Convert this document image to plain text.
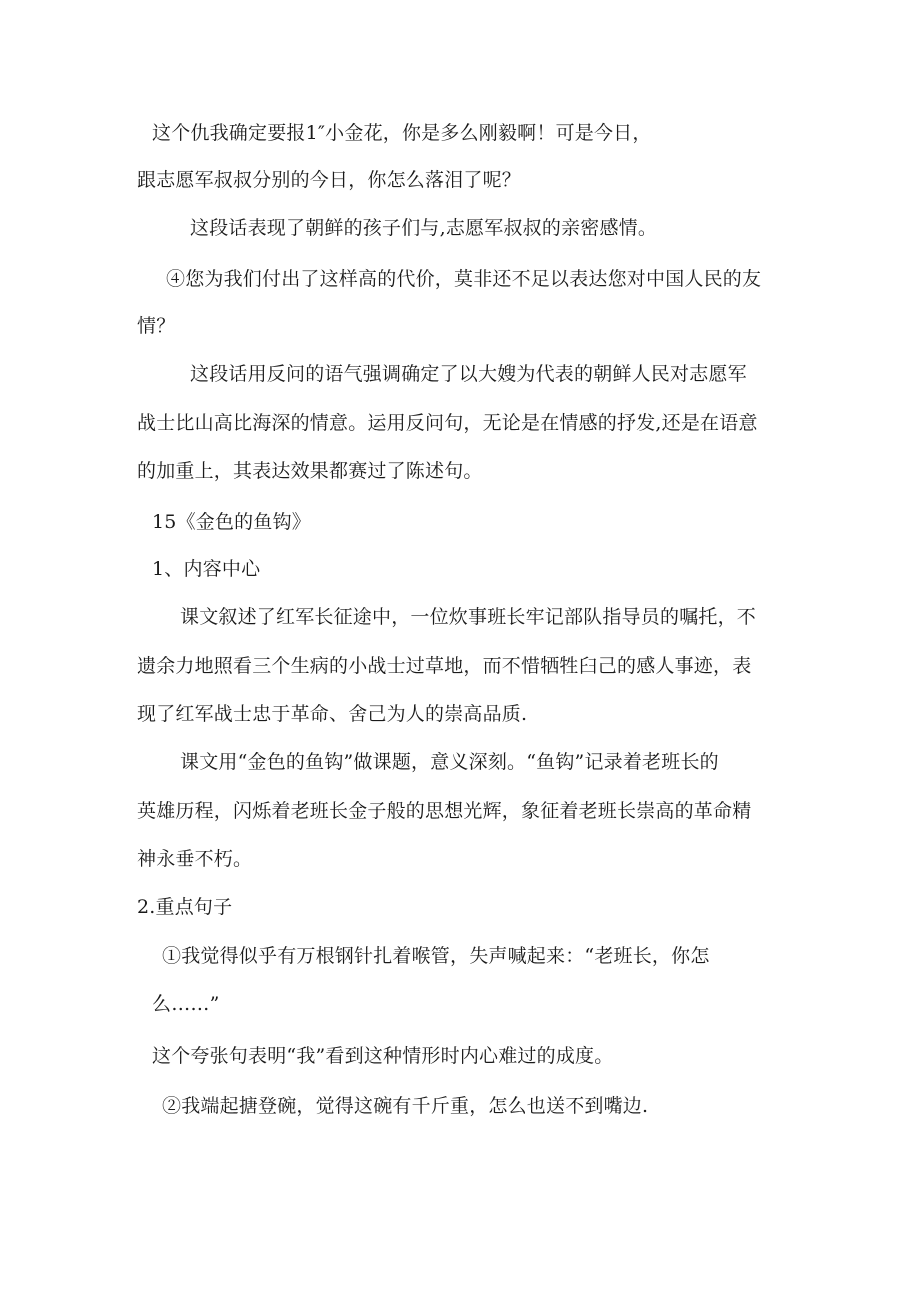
这个仇我确定要报1″小金花，你是多么刚毅啊！可是今日，
跟志愿军叔叔分别的今日，你怎么落泪了呢？
这段话表现了朝鲜的孩子们与,志愿军叔叔的亲密感情。
④您为我们付出了这样高的代价，莫非还不足以表达您对中国人民的友
情？
这段话用反问的语气强调确定了以大嫂为代表的朝鲜人民对志愿军
战士比山高比海深的情意。运用反问句，无论是在情感的抒发,还是在语意
的加重上，其表达效果都赛过了陈述句。
15《金色的鱼钩》
1、内容中心
课文叙述了红军长征途中，一位炊事班长牢记部队指导员的嘱托，不
遗余力地照看三个生病的小战士过草地，而不惜牺牲臼己的感人事迹，表
现了红军战士忠于革命、舍己为人的崇高品质.
课文用“金色的鱼钩”做课题，意义深刻。“鱼钩”记录着老班长的
英雄历程，闪烁着老班长金子般的思想光辉，象征着老班长崇高的革命精
神永垂不朽。
2.重点句子
①我觉得似乎有万根钢针扎着喉管，失声喊起来：“老班长，你怎
么……”
这个夸张句表明“我”看到这种情形时内心难过的成度。
②我端起搪登碗，觉得这碗有千斤重，怎么也送不到嘴边.
